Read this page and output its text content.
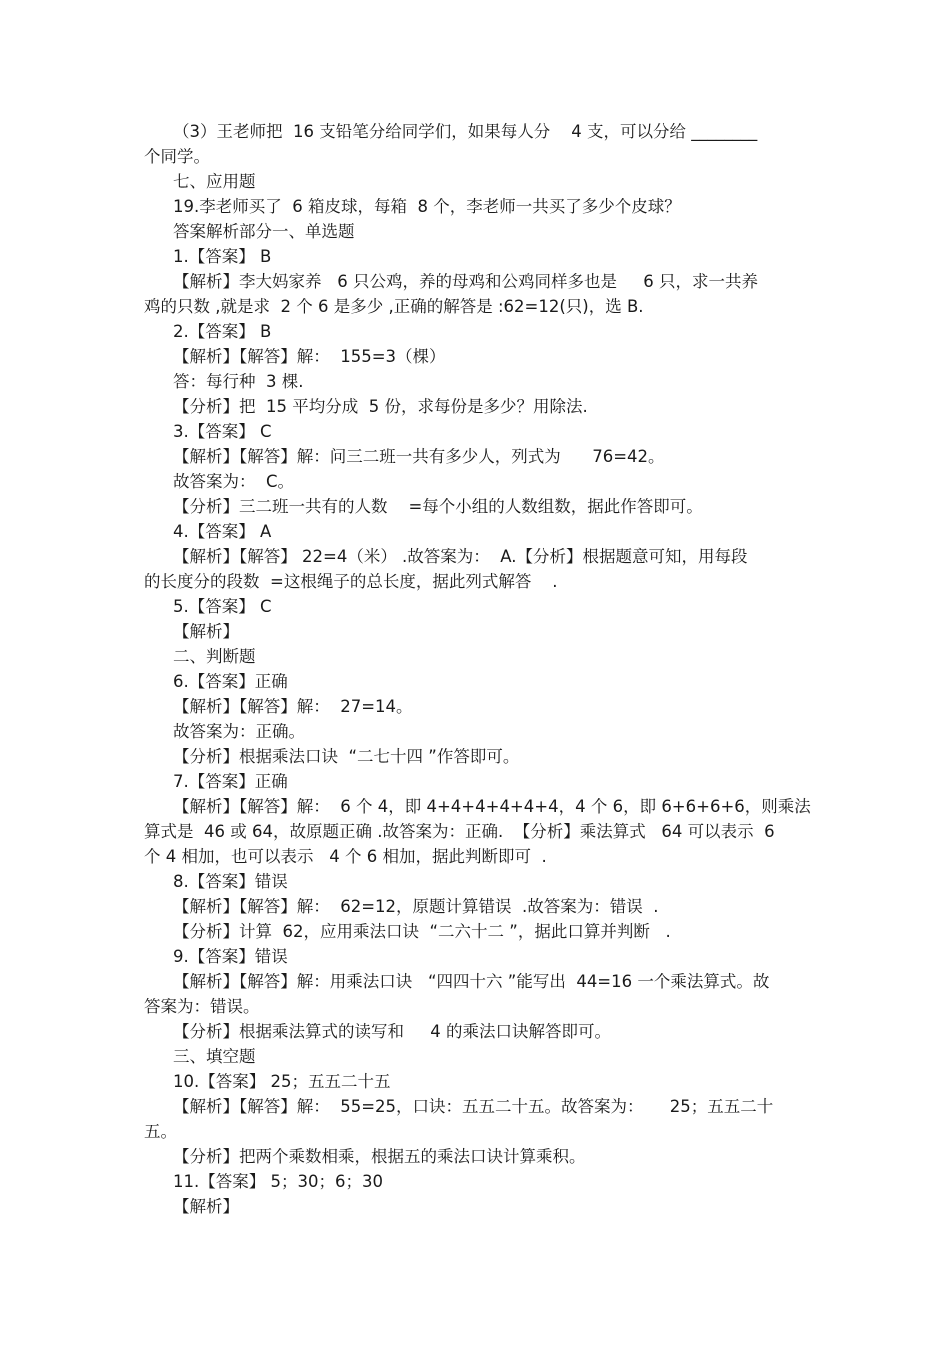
（3）王老师把  16 支铅笔分给同学们，如果每人分    4 支，可以分给 ________
个同学。
七、应用题
19.李老师买了  6 箱皮球，每箱  8 个，李老师一共买了多少个皮球？
答案解析部分一、单选题
1.【答案】 B
【解析】李大妈家养   6 只公鸡，养的母鸡和公鸡同样多也是     6 只，求一共养
鸡的只数 ,就是求  2 个 6 是多少 ,正确的解答是 :62=12(只)，选 B.
2.【答案】 B
【解析】【解答】解：  155=3（棵）
答：每行种  3 棵.
【分析】把  15 平均分成  5 份，求每份是多少？用除法.
3.【答案】 C
【解析】【解答】解：问三二班一共有多少人，列式为      76=42。
故答案为：  C。
【分析】三二班一共有的人数    =每个小组的人数组数，据此作答即可。
4.【答案】 A
【解析】【解答】 22=4（米） .故答案为：  A.【分析】根据题意可知，用每段
的长度分的段数  =这根绳子的总长度，据此列式解答    .
5.【答案】 C
【解析】
二、判断题
6.【答案】正确
【解析】【解答】解：  27=14。
故答案为：正确。
【分析】根据乘法口诀  “二七十四 ”作答即可。
7.【答案】正确
【解析】【解答】解：  6 个 4，即 4+4+4+4+4+4，4 个 6，即 6+6+6+6，则乘法
算式是  46 或 64，故原题正确 .故答案为：正确.  【分析】乘法算式   64 可以表示  6
个 4 相加，也可以表示   4 个 6 相加，据此判断即可  .
8.【答案】错误
【解析】【解答】解：  62=12，原题计算错误  .故答案为：错误  .
【分析】计算  62，应用乘法口诀  “二六十二 ”，据此口算并判断   .
9.【答案】错误
【解析】【解答】解：用乘法口诀   “四四十六 ”能写出  44=16 一个乘法算式。故
答案为：错误。
【分析】根据乘法算式的读写和     4 的乘法口诀解答即可。
三、填空题
10.【答案】 25；五五二十五
【解析】【解答】解：  55=25，口诀：五五二十五。故答案为：     25；五五二十
五。
【分析】把两个乘数相乘，根据五的乘法口诀计算乘积。
11.【答案】 5；30；6；30
【解析】
